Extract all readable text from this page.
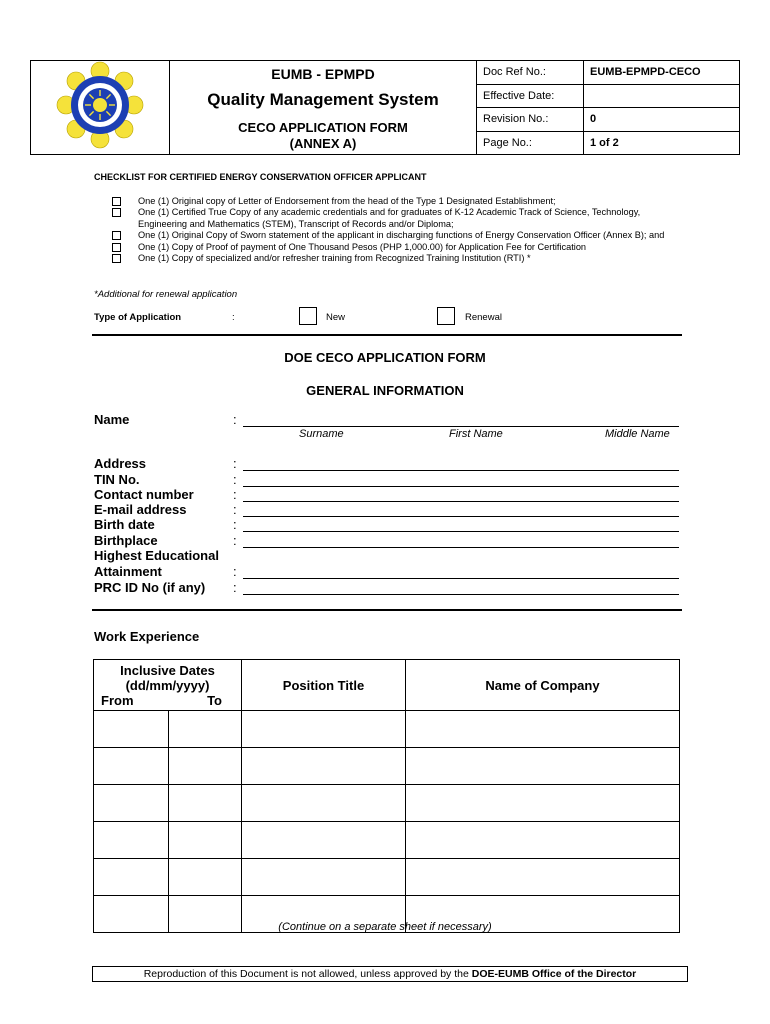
EUMB - EPMPD
Quality Management System
CECO APPLICATION FORM
(ANNEX A)	Doc Ref No.:	EUMB-EPMPD-CECO
		Effective Date:	
		Revision No.:	0
		Page No.:	1 of 2
CHECKLIST FOR CERTIFIED ENERGY CONSERVATION OFFICER APPLICANT
One (1) Original copy of Letter of Endorsement from the head of the Type 1 Designated Establishment;
One (1) Certified True Copy of any academic credentials and for graduates of K-12 Academic Track of Science, Technology, Engineering and Mathematics (STEM), Transcript of Records and/or Diploma;
One (1) Original Copy of Sworn statement of the applicant in discharging functions of Energy Conservation Officer (Annex B); and
One (1) Copy of Proof of payment of One Thousand Pesos (PHP 1,000.00) for Application Fee for Certification
One (1) Copy of specialized and/or refresher training from Recognized Training Institution (RTI) *
*Additional for renewal application
Type of Application	:	New	Renewal
DOE CECO APPLICATION FORM
GENERAL INFORMATION
Name	:
Surname	First Name	Middle Name
Address	:
TIN No.	:
Contact number	:
E-mail address	:
Birth date	:
Birthplace	:
Highest Educational
Attainment	:
PRC ID No (if any) :
Work Experience
Inclusive Dates
(dd/mm/yyyy)
From To		Position Title	Name of Company

(Continue on a separate sheet if necessary)
Reproduction of this Document is not allowed, unless approved by the DOE-EUMB Office of the Director
